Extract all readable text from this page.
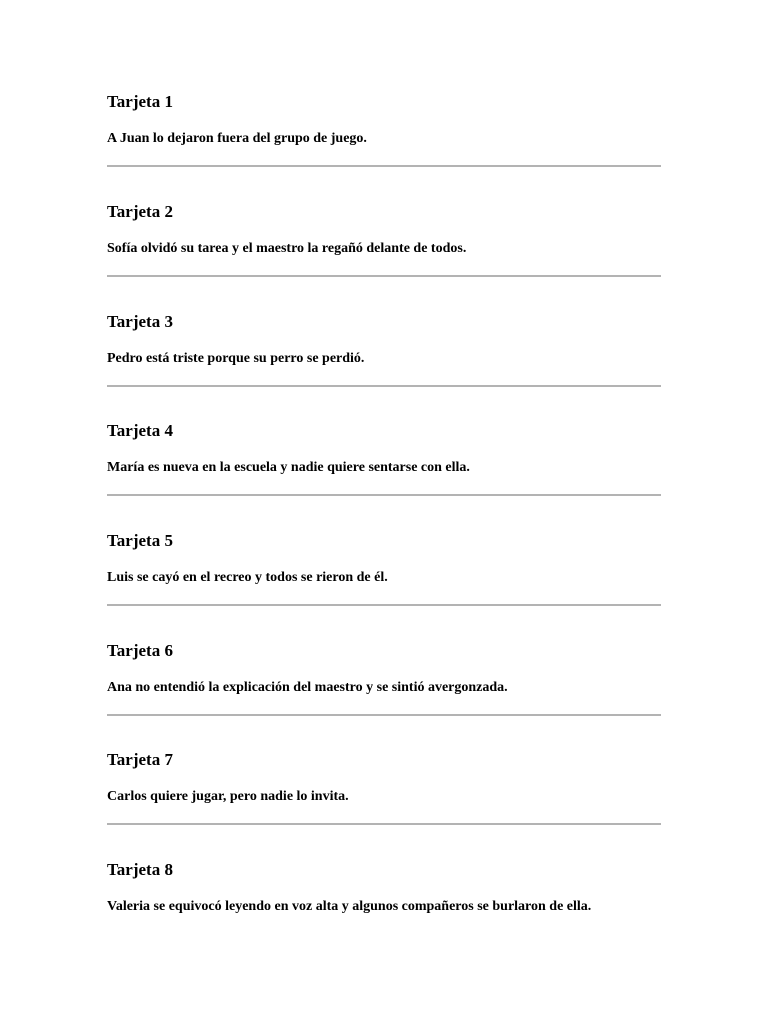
Tarjeta 1

A Juan lo dejaron fuera del grupo de juego.

Tarjeta 2

Sofía olvidó su tarea y el maestro la regañó delante de todos.

Tarjeta 3

Pedro está triste porque su perro se perdió.

Tarjeta 4

María es nueva en la escuela y nadie quiere sentarse con ella.

Tarjeta 5

Luis se cayó en el recreo y todos se rieron de él.

Tarjeta 6

Ana no entendió la explicación del maestro y se sintió avergonzada.

Tarjeta 7

Carlos quiere jugar, pero nadie lo invita.

Tarjeta 8

Valeria se equivocó leyendo en voz alta y algunos compañeros se burlaron de ella.
